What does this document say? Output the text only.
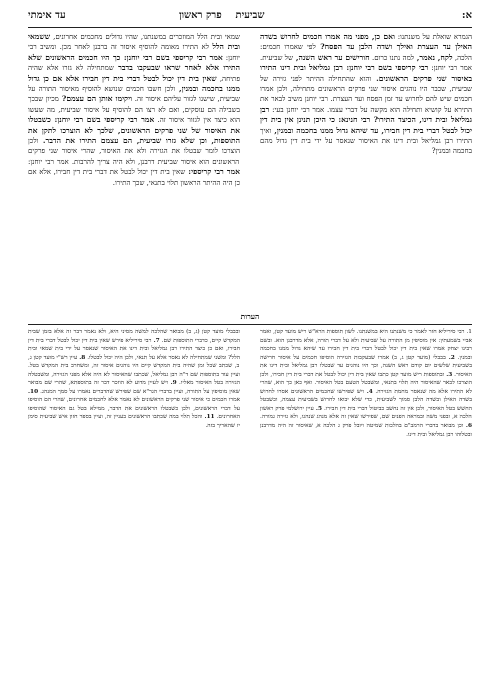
א:
שביעית
פרק ראשון
עד אימתי

הגמרא שואלת על משנתנו: ואם כן, מפני מה אמרו חכמים לחרוש בשדה האילן עד העצרת ואילך ושדה הלבן עד הפסח? לפי שאמרו חכמים: הלכה, לקח, נאמר, למה נתנו כרום. חורישים ער ראש השנה, של שביעית. אמר רבי יוחנן: רבי קריספי בשם רבי יוחנן: רבן גמליאל ובית דינו התירו באיסור שני פרקים הראשונים. והוא שהתחילה ההיתר לפני גזירה של שביעית, שכבר היו נוהגים איסור שני פרקים הראשונים מתחילה, ולכן אמרו חכמים שיש להם לחרוש עד זמן הפסח ועד העצרת. רבי יוחנן משיב לבאר את התירא על קושיא ותחילה הוא מקשה על דברי עצמו. אמר רבי יוחנן בעי: רבן גמליאל ובית דינו, הכיצד התירו? רבי חנינא: כי היכן תנינן אין בית דין יכול לבטל דברי בית דין חבירו, עד שיהא גדול ממנו בחכמה ובמנין, ואיך התירו רבן גמליאל ובית דינו את האיסור שנאסר על ידי בית דין גדול מהם בחכמה ובמנין?

שמאי ובית הלל המוזכרים במשנתנו, שהיו גדולים מחכמים אחרונים, ששמאי ובית הלל לא התירו מאומה להוסיף איסור זה ברבנן לאחר מכן. ומשיב רבי יוחנן: אמר רבי קריספי בשם רבי יוחנן: כך היו חכמים הראשונים שלא התירו אלא לאחר שראו שבעקבו בדבר שמתחילה לא גזרו אלא שהיה פתיחה, שאין בית דין יכול לבטל דברי בית דין חבירו אלא אם כן גדול ממנו בחכמה ובמנין, ולכן חשבו חכמים שנושא להוסיף מאיסור התורה על שביעית, שישנו לגזור עליהם איסור זה. ויקימו אותן הם עצמם? מכיון שבכך בשבילה הם עוסקים, ואם לא רצו הם להוסיף על איסור שביעית, מה שעשו הוא כיצד אין לגזור איסור זה. אמר רבי קריספי בשם רבי יוחנן: כשבטלו את האיסור של שני פרקים הראשונים, שלכך לא הוצרכו לתקן את התוספות, וכן שלא גזרו שביעית, הם עצמם התירו את הדבר. ולכן הוצרכו לומר שבטלו את הגזירה ולא את האיסור, שהרי איסור שני פרקים הראשונים הוא איסור שביעית דרבנן, ולא היה צריך להרבות. אמר רבי יוחנן: אמר רבי קריספי: שאין בית דין יכול לבטל את דברי בית דין חבירו, אלא אם כן היה ההיתר הראשון תלוי בתנאי, שכך התירו.

הערות

1. רבי סיריליא חזר לאמר כי משנתנו היא במשנתנו. לשון תוספות הרא"ש ריש מועד קטן, ואמר אביי בשמעתין: אין מוסיפין מן התורה על שביעית ולא על דברי תורה, אלא מדרבנן הוא. ובשם רבינו יצחק אמרו שאין בית דין יכול לבטל דברי בית דין חבירו עד שיהא גדול ממנו בחכמה ובמנין. 2. בבבלי (מועד קטן ג, ב) אמרו שבעקבות הגזירה הוסיפו חכמים על איסור חרישה בשביעית שלשים יום קודם ראש השנה, וכך היו נוהגים עד שבטלו רבן גמליאל ובית דינו את האיסור. 3. ובתוספות ריש מועד קטן כתבו שאין בית דין יכול לבטל את דברי בית דין חבירו, ולכן הוצרכו לבאר שהאיסור היה תלוי בתנאי, ומשבטל הטעם בטל האיסור. ואף כאן כך הוא, שהרי לא התירו אלא מה שנאסר מחמת הגזירה. 4. ויש שפירשו שחכמים הראשונים אסרו לחרוש בשדה האילן ובשדה הלבן סמוך לשביעית, כדי שלא יבואו לחרוש בשביעית עצמה, וכשבטל החשש בטל האיסור, ולכן אין זה נחשב כביטול דברי בית דין חבירו. 5. עיין ירושלמי פרק ראשון הלכה א, ובפני משה ובמראה הפנים שם, שפירשו שאין זה אלא מנהג שנהגו, ולא גזירה גמורה. 6. וכן מבואר בדברי הרמב"ם בהלכות שמיטה ויובל פרק ג הלכה א, שאיסור זה היה מדרבנן ובטלוהו רבן גמליאל ובית דינו.

ובבבלי מועד קטן (ג, ב) מבואר שהלכה למשה מסיני היא, ולא נאמר דבר זה אלא בזמן שבית המקדש קיים, כדברי התוספות שם. 7. רבי סיריליא פירש שאין בית דין יכול לבטל דברי בית דין חבירו, ואם כן כיצד התירו רבן גמליאל ובית דינו את האיסור שנאסר על ידי בית שמאי ובית הלל? ומשני שמתחילה לא נאסר אלא על תנאי, ולכן היה יכול לבטלו. 8. עיין רש"י מועד קטן ג, ב, שכתב שכל זמן שהיה בית המקדש קיים היו נוהגים איסור זה, ומשחרב בית המקדש בטל. ועיין עוד בתוספות שם ד"ה רבן גמליאל, שכתבו שהאיסור לא היה אלא מפני הגזירה, ומשבטלה הגזירה בטל האיסור מאליו. 9. ויש לעיין מדוע לא הוזכר דבר זה בתוספתא, שהרי שם מבואר שאין מוסיפין על התורה, ועיין בדברי הגר"א שם שפירש שהדברים נאמרו על סמך המנהג. 10. אמרו חכמים כי איסור שני פרקים הראשונים לא נאמר אלא לחכמים אחרונים, שהרי הם הוסיפו על דברי הראשונים, ולכן כשבטלו הראשונים את הדבר, ממילא בטל גם האיסור שהוסיפו האחרונים. 11. והכל תלוי במה שכתבו הראשונים בעניין זה, ועיין בספר חזון איש שביעית סימן יז שהאריך בזה.
